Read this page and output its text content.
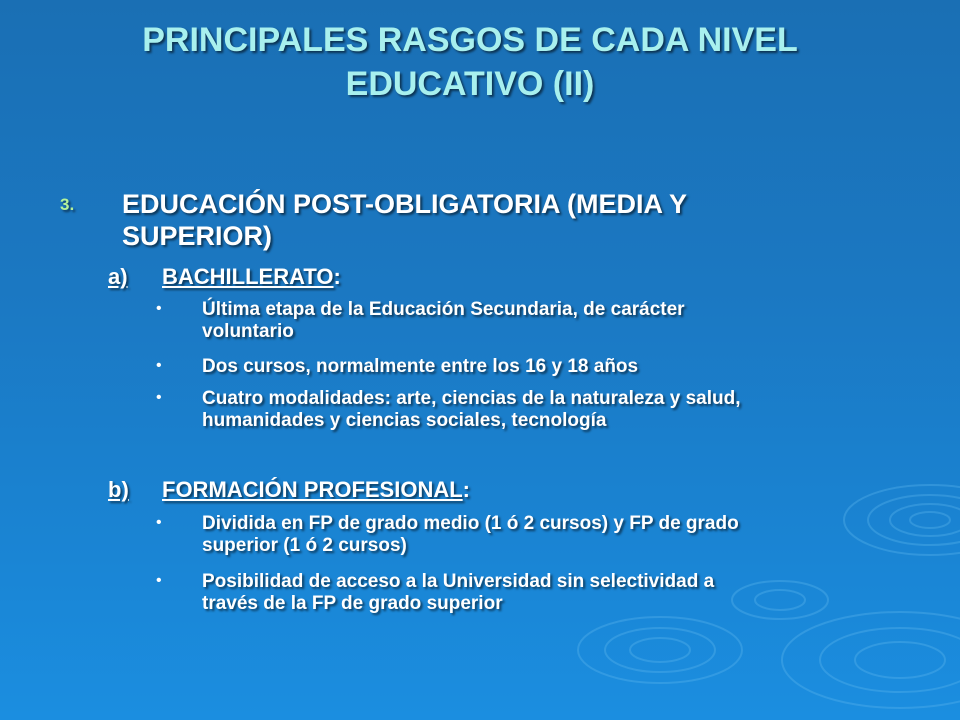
PRINCIPALES RASGOS DE CADA NIVEL
EDUCATIVO (II)
3. EDUCACIÓN POST-OBLIGATORIA (MEDIA Y
SUPERIOR)
a) BACHILLERATO:
• Última etapa de la Educación Secundaria, de carácter
voluntario
• Dos cursos, normalmente entre los 16 y 18 años
• Cuatro modalidades: arte, ciencias de la naturaleza y salud,
humanidades y ciencias sociales, tecnología
b) FORMACIÓN PROFESIONAL:
• Dividida en FP de grado medio (1 ó 2 cursos) y FP de grado
superior (1 ó 2 cursos)
• Posibilidad de acceso a la Universidad sin selectividad a
través de la FP de grado superior
